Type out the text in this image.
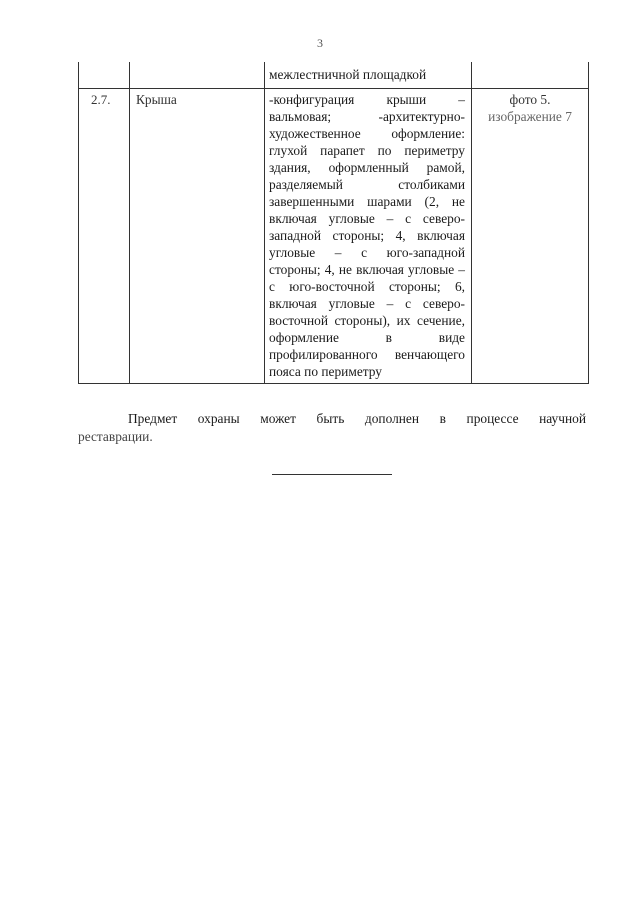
3

		межлестничной площадкой	

2.7.	Крыша	-конфигурация крыши – вальмовая; -архитектурно-художественное оформление: глухой парапет по периметру здания, оформленный рамой, разделяемый столбиками завершенными шарами (2, не включая угловые – с северо-западной стороны; 4, включая угловые – с юго-западной стороны; 4, не включая угловые – с юго-восточной стороны; 6, включая угловые – с северо-восточной стороны), их сечение, оформление в виде профилированного венчающего пояса по периметру	фото 5.
изображение 7
Предмет охраны может быть дополнен в процессе научной
реставрации.
